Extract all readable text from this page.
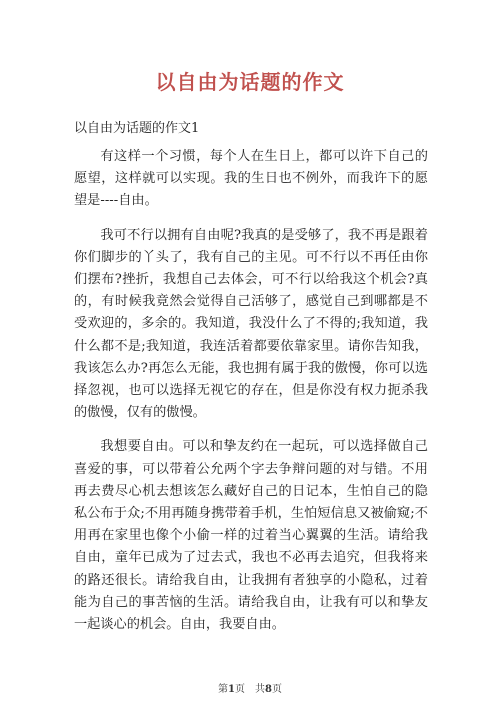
以自由为话题的作文
以自由为话题的作文1

有这样一个习惯，每个人在生日上，都可以许下自己的愿望，这样就可以实现。我的生日也不例外，而我许下的愿望是----自由。

我可不行以拥有自由呢?我真的是受够了，我不再是跟着你们脚步的丫头了，我有自己的主见。可不行以不再任由你们摆布?挫折，我想自己去体会，可不行以给我这个机会?真的，有时候我竟然会觉得自己活够了，感觉自己到哪都是不受欢迎的，多余的。我知道，我没什么了不得的;我知道，我什么都不是;我知道，我连活着都要依靠家里。请你告知我，我该怎么办?再怎么无能，我也拥有属于我的傲慢，你可以选择忽视，也可以选择无视它的存在，但是你没有权力扼杀我的傲慢，仅有的傲慢。

我想要自由。可以和挚友约在一起玩，可以选择做自己喜爱的事，可以带着公允两个字去争辩问题的对与错。不用再去费尽心机去想该怎么藏好自己的日记本，生怕自己的隐私公布于众;不用再随身携带着手机，生怕短信息又被偷窥;不用再在家里也像个小偷一样的过着当心翼翼的生活。请给我自由，童年已成为了过去式，我也不必再去追究，但我将来的路还很长。请给我自由，让我拥有者独享的小隐私，过着能为自己的事苦恼的生活。请给我自由，让我有可以和挚友一起谈心的机会。自由，我要自由。

第1页　共8页
